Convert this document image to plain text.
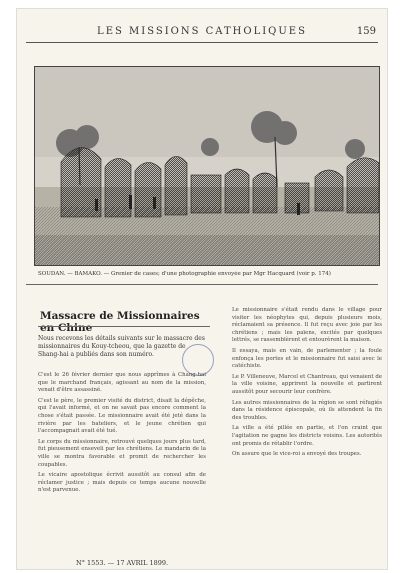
LES MISSIONS CATHOLIQUES	159
SOUDAN. — BAMAKO. — Grenier de cases; d'une photographie envoyée par Mgr Hacquard (voir p. 174)
Massacre de Missionnaires en Chine
Nous recevons les détails suivants sur le massacre des missionnaires du Kouy-tcheou, que la gazette de Shang-hai a publiés dans son numéro.

C'est le 26 février dernier que nous apprîmes à Chang-hai que le marchand français, agissant au nom de la mission, venait d'être assassiné.

C'est le père, le premier visité du district, disait la dépêche, qui l'avait informé, et on ne savait pas encore comment la chose s'était passée. Le missionnaire avait été jeté dans la rivière par les bateliers, et le jeune chrétien qui l'accompagnait avait été tué.

Le corps du missionnaire, retrouvé quelques jours plus tard, fut pieusement enseveli par les chrétiens. Le mandarin de la ville se montra favorable et promit de rechercher les coupables.

Le vicaire apostolique écrivit aussitôt au consul afin de réclamer justice ; mais depuis ce temps aucune nouvelle n'est parvenue.

Le missionnaire s'était rendu dans le village pour visiter les néophytes qui, depuis plusieurs mois, réclamaient sa présence. Il fut reçu avec joie par les chrétiens ; mais les païens, excités par quelques lettrés, se rassemblèrent et entourèrent la maison.

Il essaya, mais en vain, de parlementer ; la foule enfonça les portes et le missionnaire fut saisi avec le catéchiste.

Le P. Villeneuve, Marcel et Chantreau, qui venaient de la ville voisine, apprirent la nouvelle et partirent aussitôt pour secourir leur confrère.

Les autres missionnaires de la région se sont réfugiés dans la résidence épiscopale, où ils attendent la fin des troubles.

La ville a été pillée en partie, et l'on craint que l'agitation ne gagne les districts voisins. Les autorités ont promis de rétablir l'ordre.

On assure que le vice-roi a envoyé des troupes.

N° 1553. — 17 AVRIL 1899.
